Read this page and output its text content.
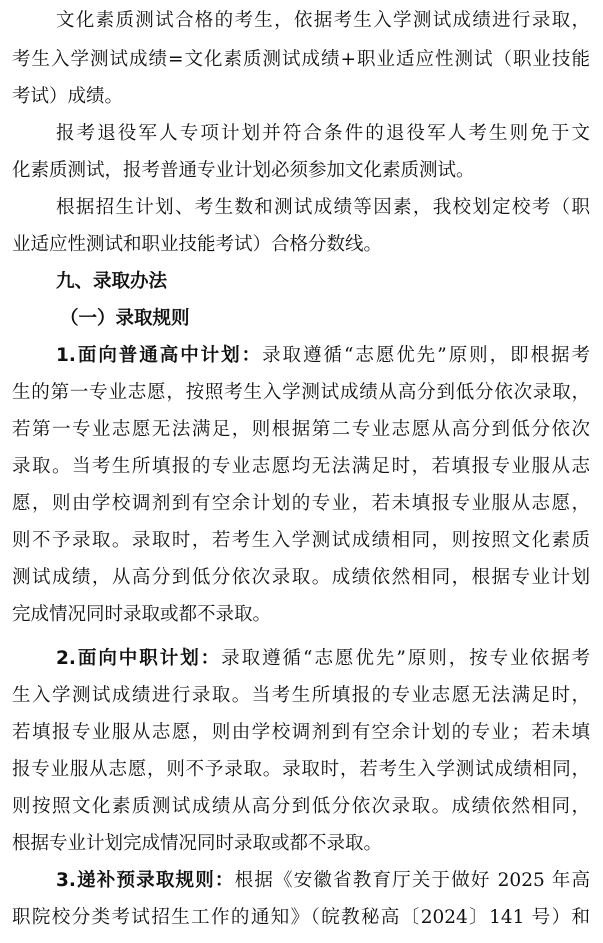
文化素质测试合格的考生，依据考生入学测试成绩进行录取，
考生入学测试成绩=文化素质测试成绩+职业适应性测试（职业技能
考试）成绩。
报考退役军人专项计划并符合条件的退役军人考生则免于文
化素质测试，报考普通专业计划必须参加文化素质测试。
根据招生计划、考生数和测试成绩等因素，我校划定校考（职
业适应性测试和职业技能考试）合格分数线。
九、录取办法
（一）录取规则
1.面向普通高中计划：录取遵循“志愿优先”原则，即根据考
生的第一专业志愿，按照考生入学测试成绩从高分到低分依次录取，
若第一专业志愿无法满足，则根据第二专业志愿从高分到低分依次
录取。当考生所填报的专业志愿均无法满足时，若填报专业服从志
愿，则由学校调剂到有空余计划的专业，若未填报专业服从志愿，
则不予录取。录取时，若考生入学测试成绩相同，则按照文化素质
测试成绩，从高分到低分依次录取。成绩依然相同，根据专业计划
完成情况同时录取或都不录取。
2.面向中职计划：录取遵循“志愿优先”原则，按专业依据考
生入学测试成绩进行录取。当考生所填报的专业志愿无法满足时，
若填报专业服从志愿，则由学校调剂到有空余计划的专业；若未填
报专业服从志愿，则不予录取。录取时，若考生入学测试成绩相同，
则按照文化素质测试成绩从高分到低分依次录取。成绩依然相同，
根据专业计划完成情况同时录取或都不录取。
3.递补预录取规则：根据《安徽省教育厅关于做好 2025 年高
职院校分类考试招生工作的通知》（皖教秘高〔2024〕141 号）和
